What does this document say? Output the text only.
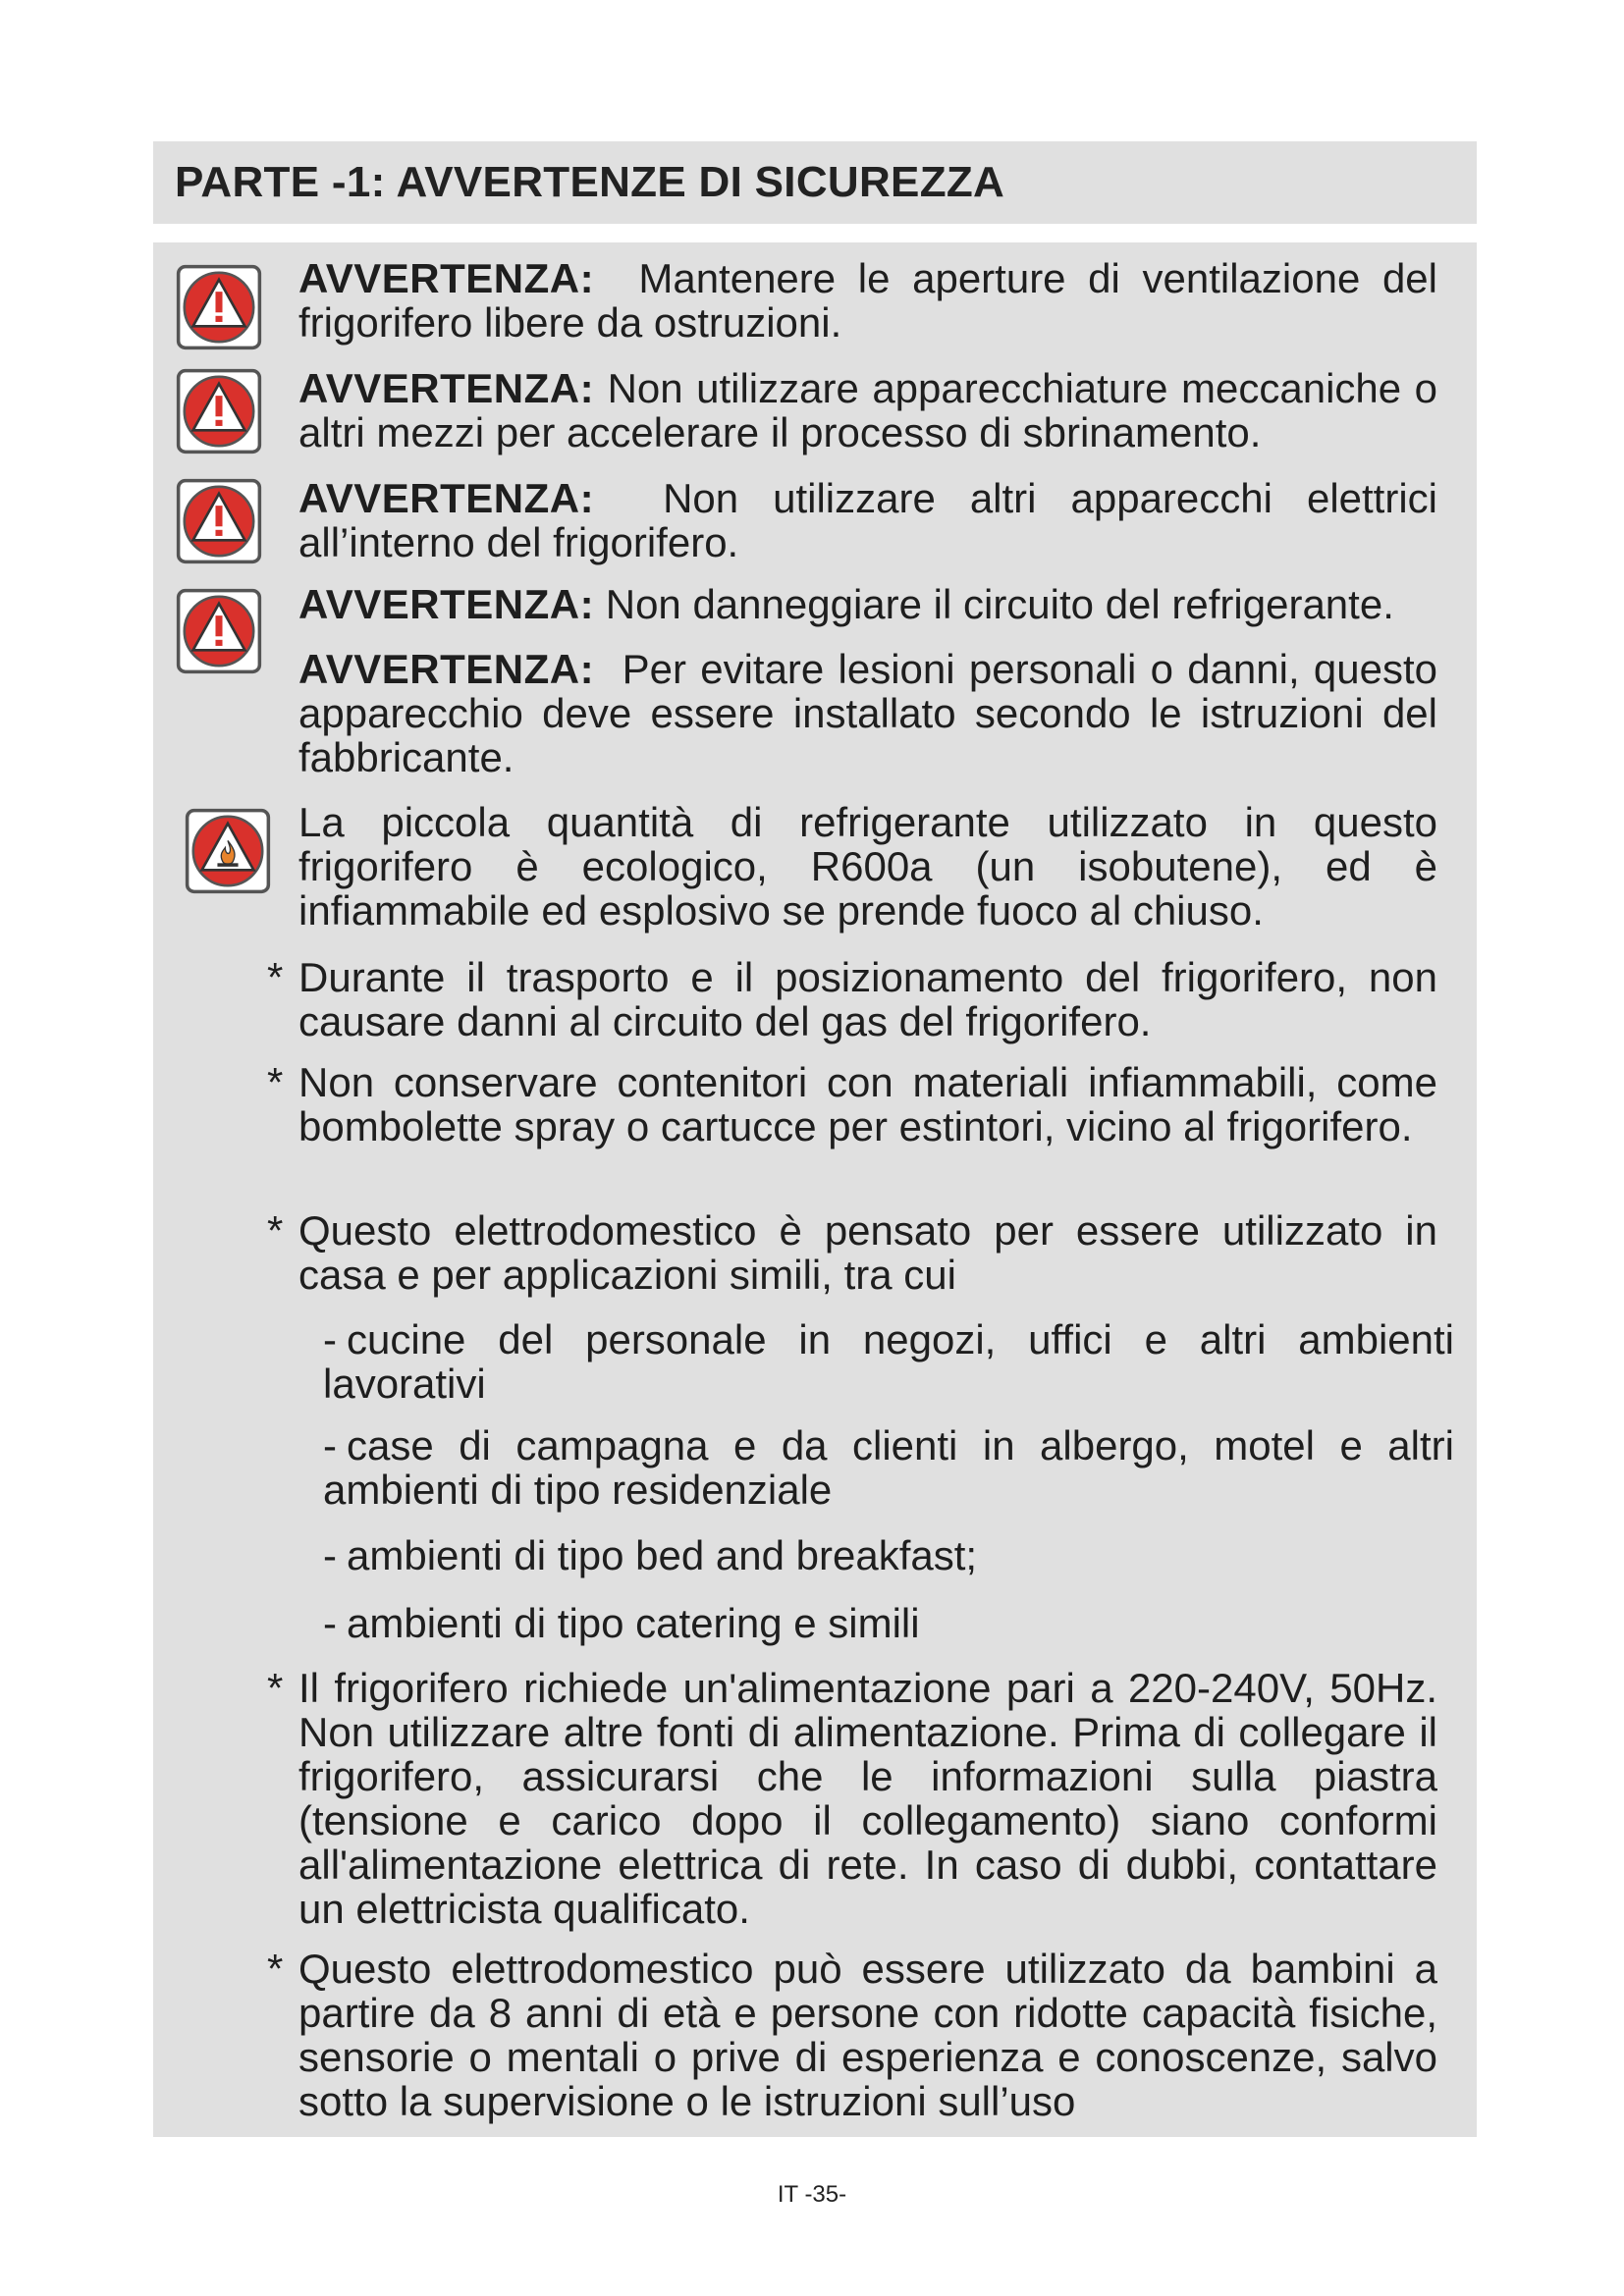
PARTE -1: AVVERTENZE DI SICUREZZA
AVVERTENZA: Mantenere le aperture di ventilazione del frigorifero libere da ostruzioni.
AVVERTENZA: Non utilizzare apparecchiature meccaniche o altri mezzi per accelerare il processo di sbrinamento.
AVVERTENZA: Non utilizzare altri apparecchi elettrici all’interno del frigorifero.
AVVERTENZA: Non danneggiare il circuito del refrigerante.
AVVERTENZA: Per evitare lesioni personali o danni, questo apparecchio deve essere installato secondo le istruzioni del fabbricante.
La piccola quantità di refrigerante utilizzato in questo frigorifero è ecologico, R600a (un isobutene), ed è infiammabile ed esplosivo se prende fuoco al chiuso.
* Durante il trasporto e il posizionamento del frigorifero, non causare danni al circuito del gas del frigorifero.
* Non conservare contenitori con materiali infiammabili, come bombolette spray o cartucce per estintori, vicino al frigorifero.
* Questo elettrodomestico è pensato per essere utilizzato in casa e per applicazioni simili, tra cui
- cucine del personale in negozi, uffici e altri ambienti lavorativi
- case di campagna e da clienti in albergo, motel e altri ambienti di tipo residenziale
- ambienti di tipo bed and breakfast;
- ambienti di tipo catering e simili
* Il frigorifero richiede un'alimentazione pari a 220-240V, 50Hz. Non utilizzare altre fonti di alimentazione. Prima di collegare il frigorifero, assicurarsi che le informazioni sulla piastra (tensione e carico dopo il collegamento) siano conformi all'alimentazione elettrica di rete. In caso di dubbi, contattare un elettricista qualificato.
* Questo elettrodomestico può essere utilizzato da bambini a partire da 8 anni di età e persone con ridotte capacità fisiche, sensorie o mentali o prive di esperienza e conoscenze, salvo sotto la supervisione o le istruzioni sull’uso
IT -35-
